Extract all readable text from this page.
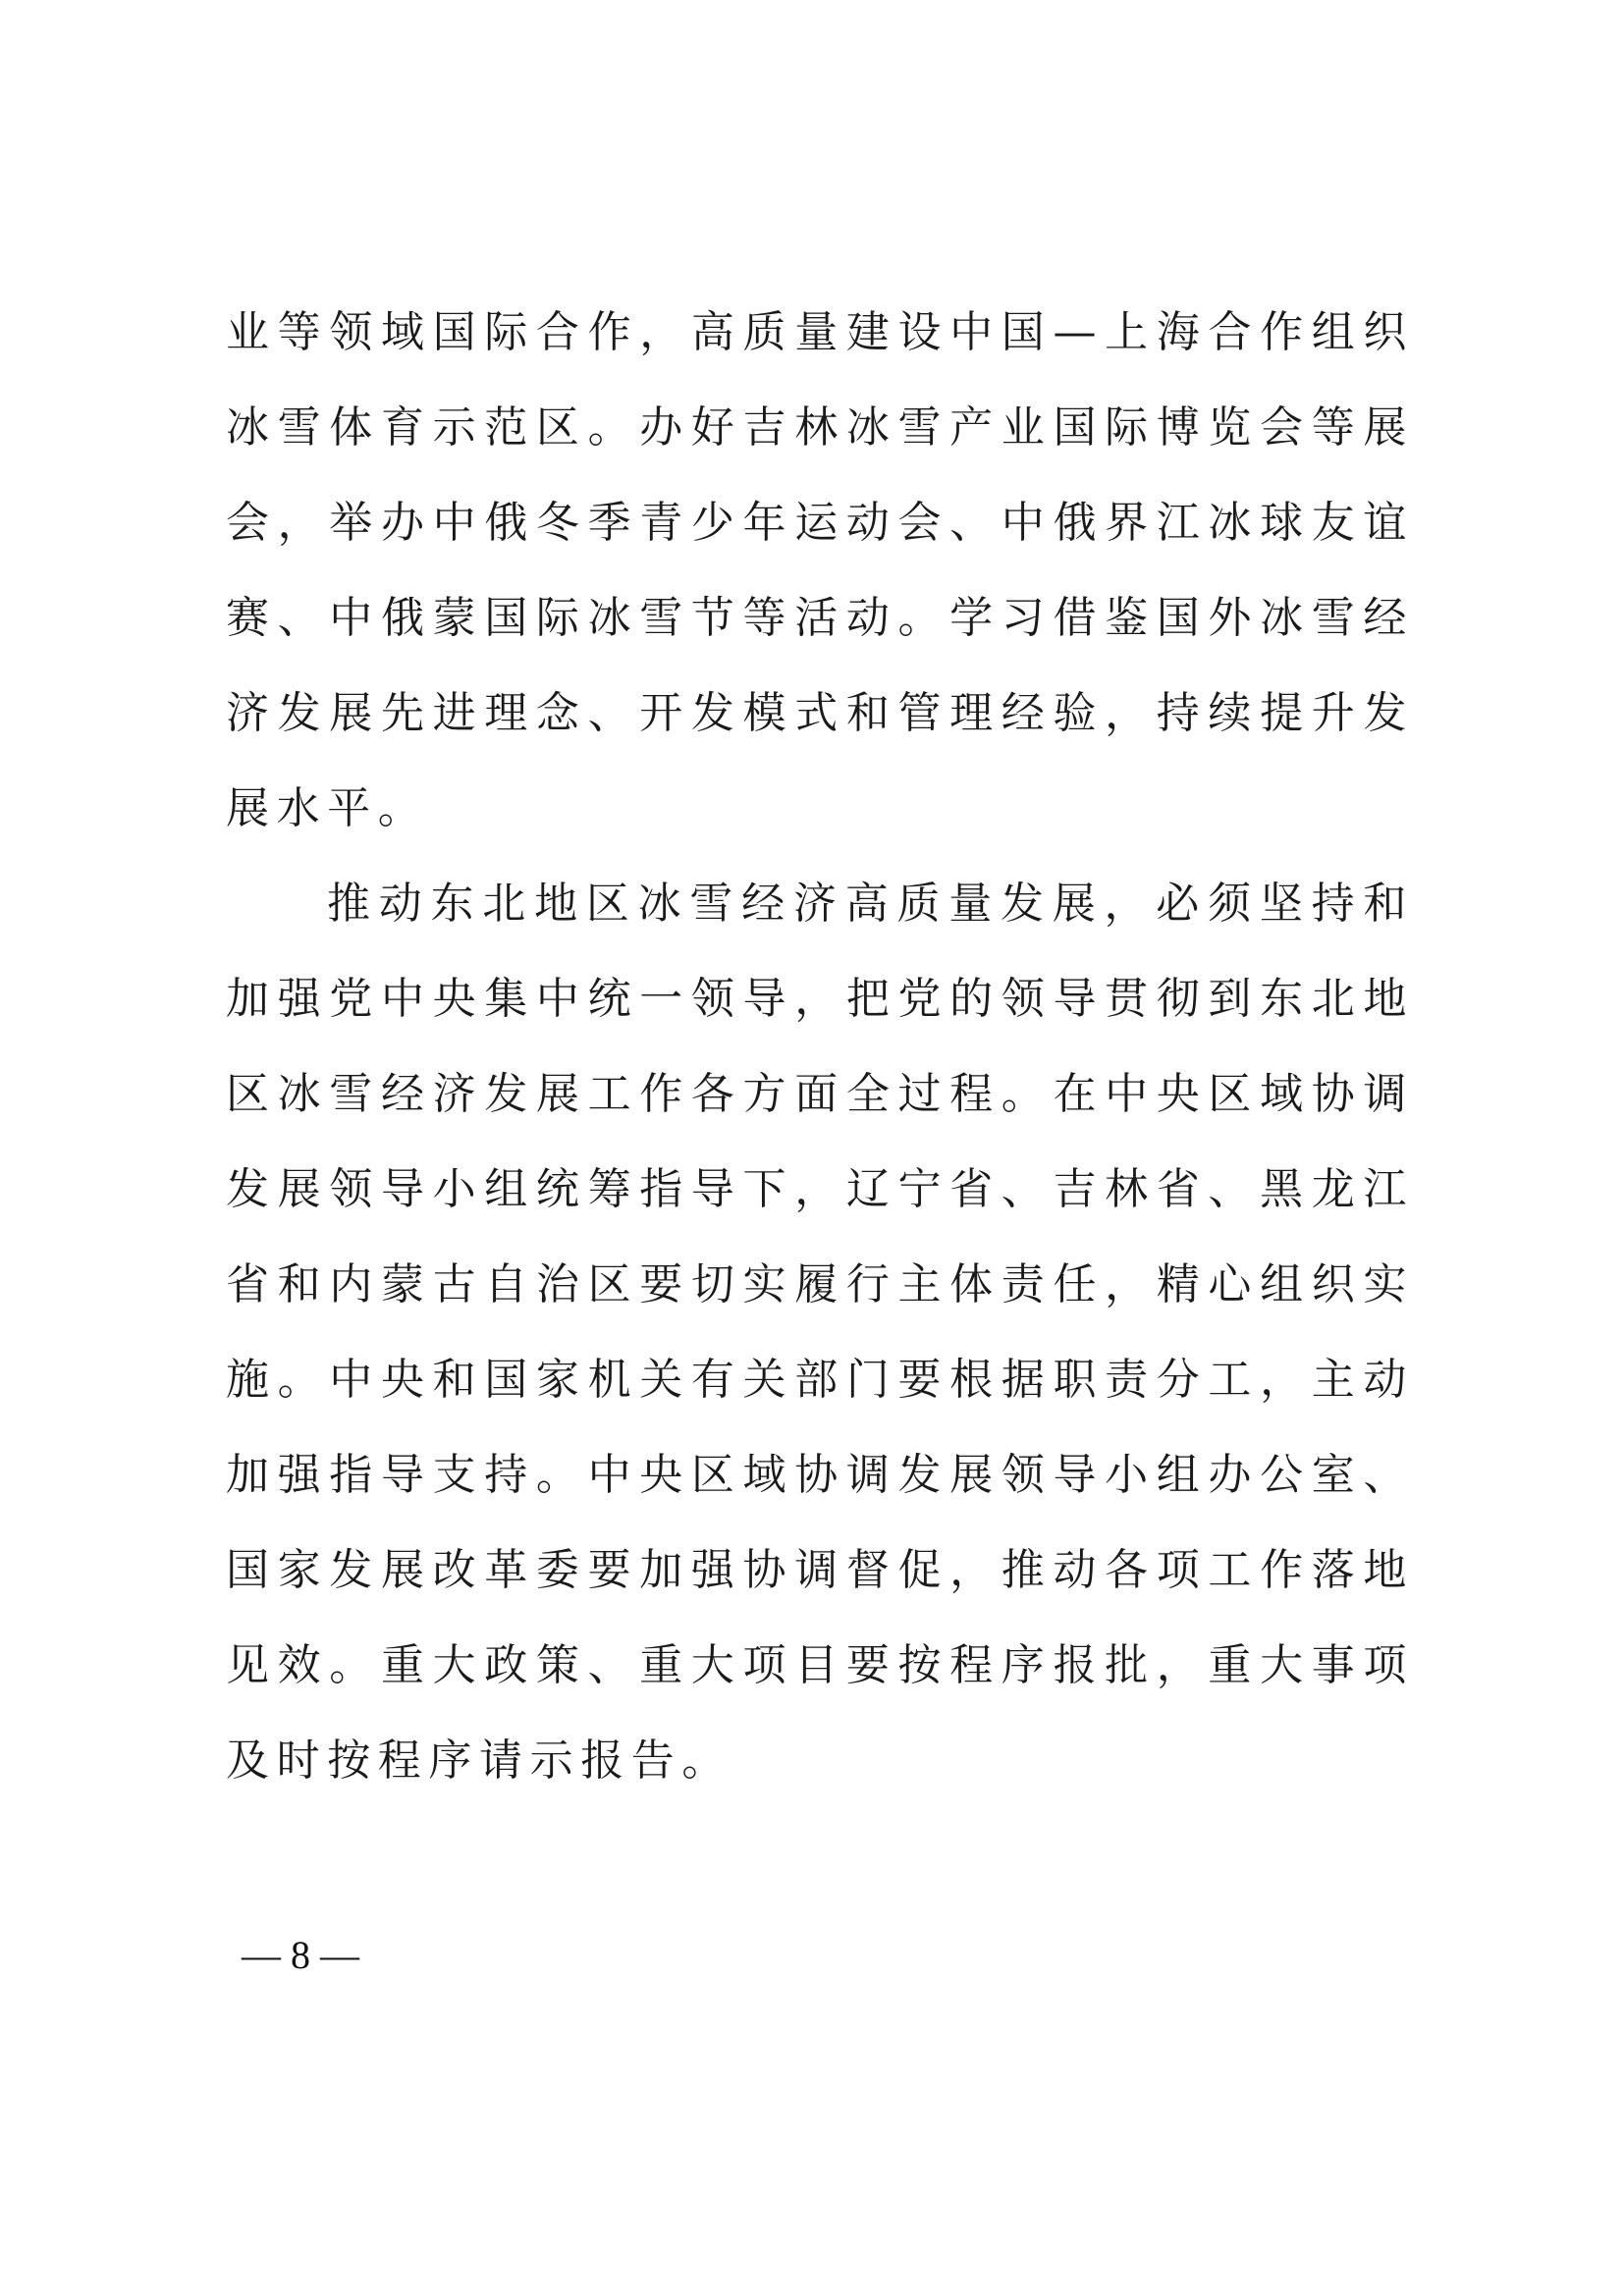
业等领域国际合作，高质量建设中国—上海合作组织冰雪体育示范区。办好吉林冰雪产业国际博览会等展会，举办中俄冬季青少年运动会、中俄界江冰球友谊赛、中俄蒙国际冰雪节等活动。学习借鉴国外冰雪经济发展先进理念、开发模式和管理经验，持续提升发展水平。

推动东北地区冰雪经济高质量发展，必须坚持和加强党中央集中统一领导，把党的领导贯彻到东北地区冰雪经济发展工作各方面全过程。在中央区域协调发展领导小组统筹指导下，辽宁省、吉林省、黑龙江省和内蒙古自治区要切实履行主体责任，精心组织实施。中央和国家机关有关部门要根据职责分工，主动加强指导支持。中央区域协调发展领导小组办公室、国家发展改革委要加强协调督促，推动各项工作落地见效。重大政策、重大项目要按程序报批，重大事项及时按程序请示报告。

— 8 —
